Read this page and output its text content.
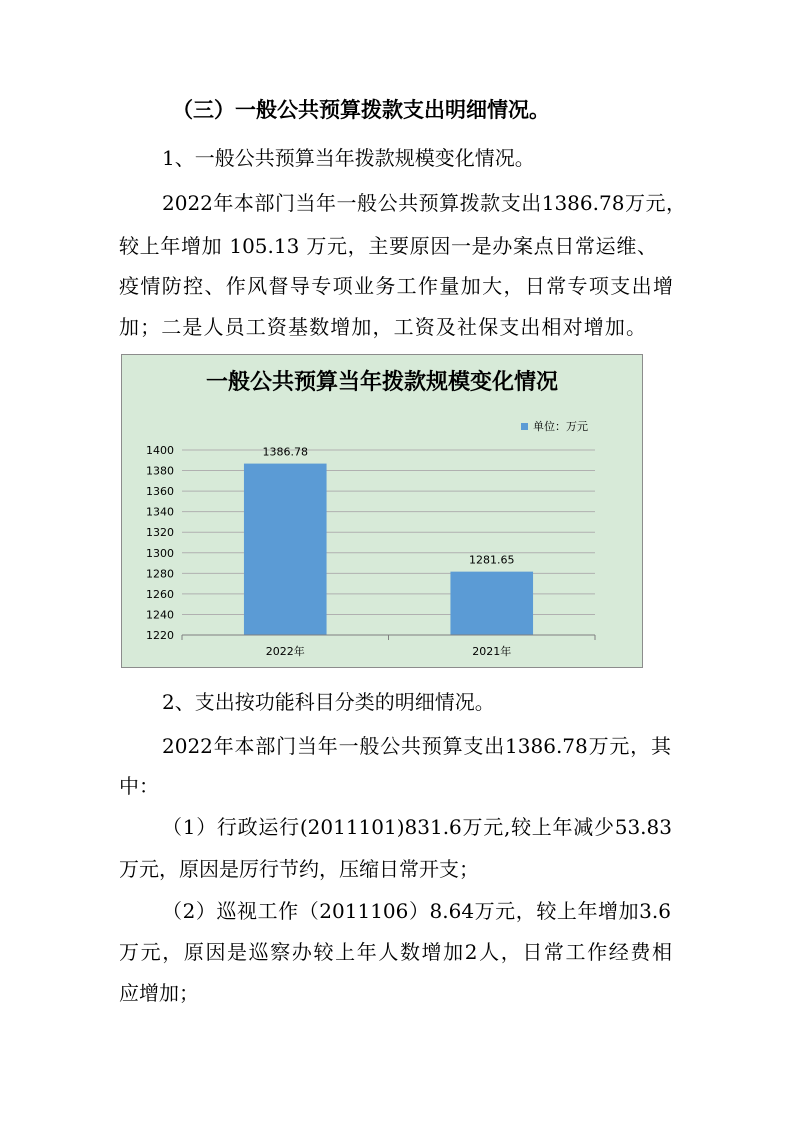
（三）一般公共预算拨款支出明细情况。
1、一般公共预算当年拨款规模变化情况。
2022年本部门当年一般公共预算拨款支出1386.78万元，
较上年增加 105.13 万元，主要原因一是办案点日常运维、
疫情防控、作风督导专项业务工作量加大，日常专项支出增
加；二是人员工资基数增加，工资及社保支出相对增加。
一般公共预算当年拨款规模变化情况
单位：万元
1220
1240
1260
1280
1300
1320
1340
1360
1380
1400	1386.78
2022年
1281.65
2021年
2、支出按功能科目分类的明细情况。
2022年本部门当年一般公共预算支出1386.78万元，其
中：
（1）行政运行(2011101)831.6万元,较上年减少53.83
万元，原因是厉行节约，压缩日常开支；
（2）巡视工作（2011106）8.64万元，较上年增加3.6
万元，原因是巡察办较上年人数增加2人，日常工作经费相
应增加；
